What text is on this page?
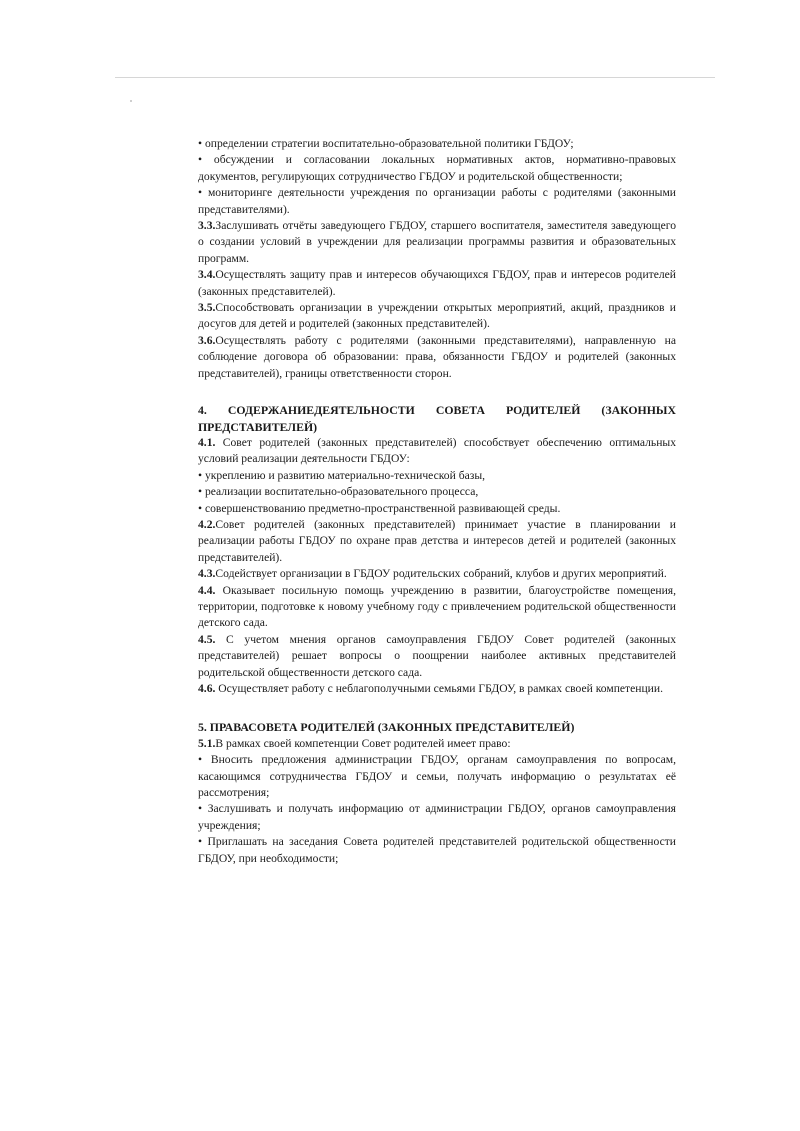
• определении стратегии воспитательно-образовательной политики ГБДОУ;

• обсуждении и согласовании локальных нормативных актов, нормативно-правовых документов, регулирующих сотрудничество ГБДОУ и родительской общественности;

• мониторинге деятельности учреждения по организации работы с родителями (законными представителями).

3.3.Заслушивать отчёты заведующего ГБДОУ, старшего воспитателя, заместителя заведующего о создании условий в учреждении для реализации программы развития и образовательных программ.

3.4.Осуществлять защиту прав и интересов обучающихся ГБДОУ, прав и интересов родителей (законных представителей).

3.5.Способствовать организации в учреждении открытых мероприятий, акций, праздников и досугов для детей и родителей (законных представителей).

3.6.Осуществлять работу с родителями (законными представителями), направленную на соблюдение договора об образовании: права, обязанности ГБДОУ и родителей (законных представителей), границы ответственности сторон.

4. СОДЕРЖАНИЕДЕЯТЕЛЬНОСТИ СОВЕТА РОДИТЕЛЕЙ (ЗАКОННЫХ ПРЕДСТАВИТЕЛЕЙ)

4.1. Совет родителей (законных представителей) способствует обеспечению оптимальных условий реализации деятельности ГБДОУ:

• укреплению и развитию материально-технической базы,

• реализации воспитательно-образовательного процесса,

• совершенствованию предметно-пространственной развивающей среды.

4.2.Совет родителей (законных представителей) принимает участие в планировании и реализации работы ГБДОУ по охране прав детства и интересов детей и родителей (законных представителей).

4.3.Содействует организации в ГБДОУ родительских собраний, клубов и других мероприятий.

4.4. Оказывает посильную помощь учреждению в развитии, благоустройстве помещения, территории, подготовке к новому учебному году с привлечением родительской общественности детского сада.

4.5. С учетом мнения органов самоуправления ГБДОУ Совет родителей (законных представителей) решает вопросы о поощрении наиболее активных представителей родительской общественности детского сада.

4.6. Осуществляет работу с неблагополучными семьями ГБДОУ, в рамках своей компетенции.

5. ПРАВАСОВЕТА РОДИТЕЛЕЙ (ЗАКОННЫХ ПРЕДСТАВИТЕЛЕЙ)

5.1.В рамках своей компетенции Совет родителей имеет право:

• Вносить предложения администрации ГБДОУ, органам самоуправления по вопросам, касающимся сотрудничества ГБДОУ и семьи, получать информацию о результатах её рассмотрения;

• Заслушивать и получать информацию от администрации ГБДОУ, органов самоуправления учреждения;

• Приглашать на заседания Совета родителей представителей родительской общественности ГБДОУ, при необходимости;
